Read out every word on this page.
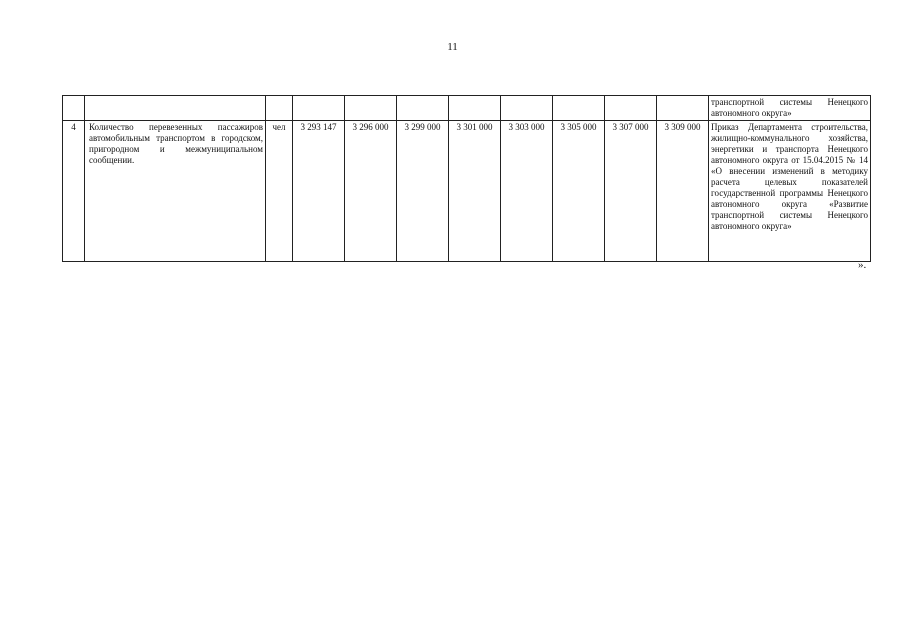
11
											транспортной системы Ненецкого автономного округа»
4	Количество перевезенных пассажиров автомобильным транспортом в городском, пригородном и межмуниципальном сообщении.	чел	3 293 147	3 296 000	3 299 000	3 301 000	3 303 000	3 305 000	3 307 000	3 309 000	Приказ Департамента строительства, жилищно-коммунального хозяйства, энергетики и транспорта Ненецкого автономного округа от 15.04.2015 № 14 «О внесении изменений в методику расчета целевых показателей государственной программы Ненецкого автономного округа «Развитие транспортной системы Ненецкого автономного округа»
».
